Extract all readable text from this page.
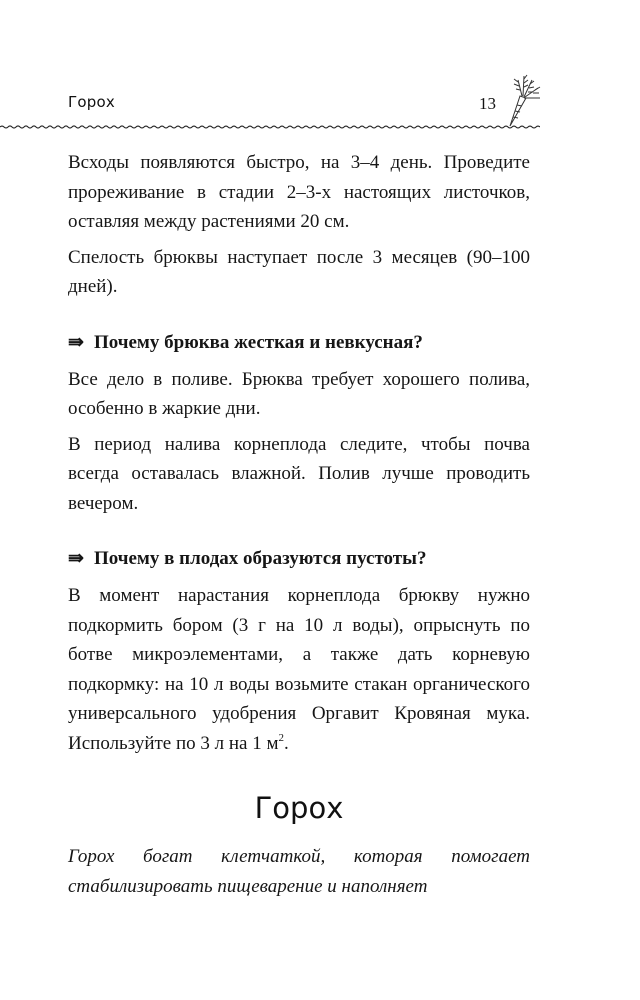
Горох	13

Всходы появляются быстро, на 3–4 день. Проведите прореживание в стадии 2–3-х настоящих листочков, оставляя между растениями 20 см.

Спелость брюквы наступает после 3 месяцев (90–100 дней).

⇛ Почему брюква жесткая и невкусная?

Все дело в поливе. Брюква требует хорошего полива, особенно в жаркие дни.

В период налива корнеплода следите, чтобы почва всегда оставалась влажной. Полив лучше проводить вечером.

⇛ Почему в плодах образуются пустоты?

В момент нарастания корнеплода брюкву нужно подкормить бором (3 г на 10 л воды), опрыснуть по ботве микроэлементами, а также дать корневую подкормку: на 10 л воды возьмите стакан органического универсального удобрения Оргавит Кровяная мука. Используйте по 3 л на 1 $м^2$.

Горох

Горох богат клетчаткой, которая помогает стабилизировать пищеварение и наполняет
